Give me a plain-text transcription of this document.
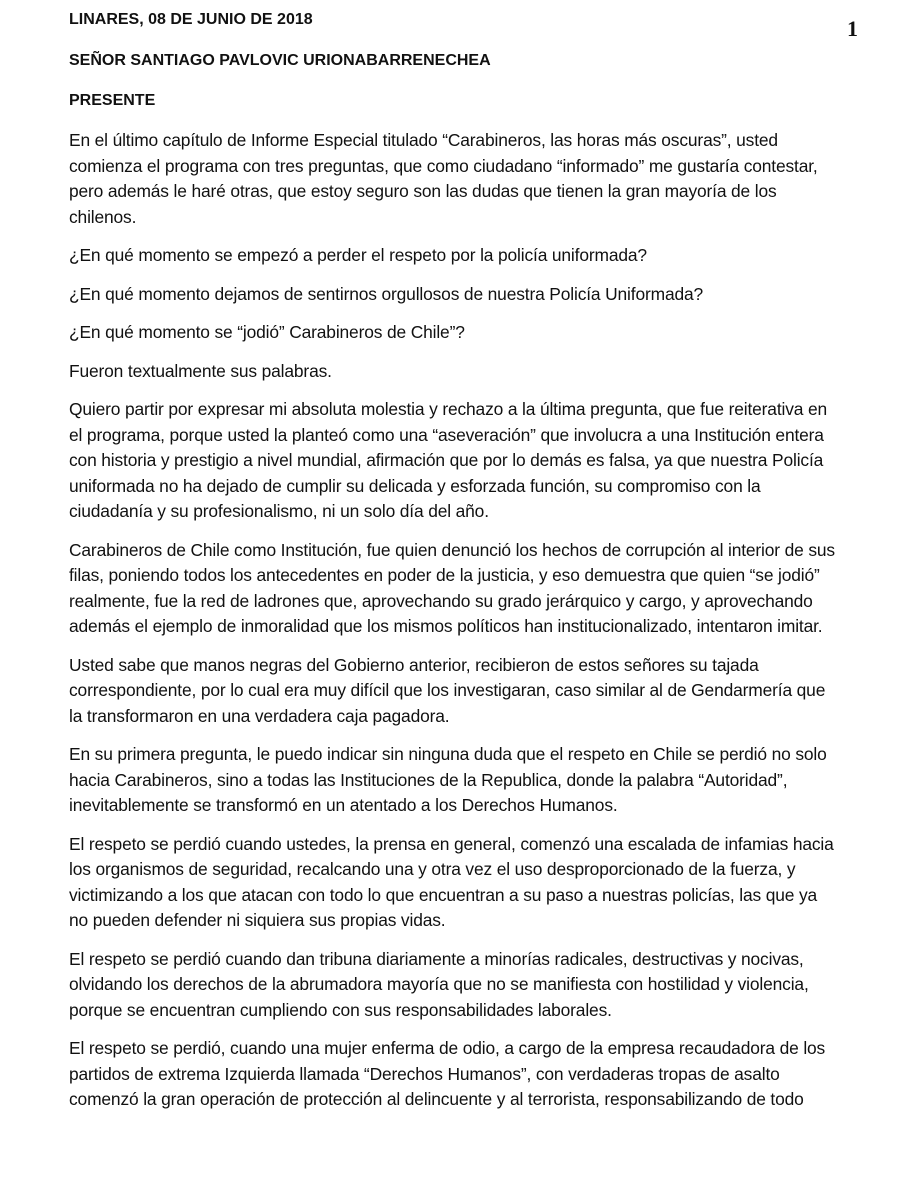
1

LINARES, 08 DE JUNIO DE 2018

SEÑOR SANTIAGO PAVLOVIC URIONABARRENECHEA

PRESENTE

En el último capítulo de Informe Especial titulado “Carabineros, las horas más oscuras”, usted comienza el programa con tres preguntas, que como ciudadano “informado” me gustaría contestar, pero además le haré otras, que estoy seguro son las dudas que tienen la gran mayoría de los chilenos.

¿En qué momento se empezó a perder el respeto por la policía uniformada?

¿En qué momento dejamos de sentirnos orgullosos de nuestra Policía Uniformada?

¿En qué momento se “jodió” Carabineros de Chile”?

Fueron textualmente sus palabras.

Quiero partir por expresar mi absoluta molestia y rechazo a la última pregunta, que fue reiterativa en el programa, porque usted la planteó como una “aseveración” que involucra a una Institución entera con historia y prestigio a nivel mundial, afirmación que por lo demás es falsa, ya que nuestra Policía uniformada no ha dejado de cumplir su delicada y esforzada función, su compromiso con la ciudadanía y su profesionalismo, ni un solo día del año.

Carabineros de Chile como Institución, fue quien denunció los hechos de corrupción al interior de sus filas, poniendo todos los antecedentes en poder de la justicia, y eso demuestra que quien “se jodió” realmente, fue la red de ladrones que, aprovechando su grado jerárquico y cargo, y aprovechando además el ejemplo de inmoralidad que los mismos políticos han institucionalizado, intentaron imitar.

Usted sabe que manos negras del Gobierno anterior, recibieron de estos señores su tajada correspondiente, por lo cual era muy difícil que los investigaran, caso similar al de Gendarmería que la transformaron en una verdadera caja pagadora.

En su primera pregunta, le puedo indicar sin ninguna duda que el respeto en Chile se perdió no solo hacia Carabineros, sino a todas las Instituciones de la Republica, donde la palabra “Autoridad”, inevitablemente se transformó en un atentado a los Derechos Humanos.

El respeto se perdió cuando ustedes, la prensa en general, comenzó una escalada de infamias hacia los organismos de seguridad, recalcando una y otra vez el uso desproporcionado de la fuerza, y victimizando a los que atacan con todo lo que encuentran a su paso a nuestras policías, las que ya no pueden defender ni siquiera sus propias vidas.

El respeto se perdió cuando dan tribuna diariamente a minorías radicales, destructivas y nocivas, olvidando los derechos de la abrumadora mayoría que no se manifiesta con hostilidad y violencia, porque se encuentran cumpliendo con sus responsabilidades laborales.

El respeto se perdió, cuando una mujer enferma de odio, a cargo de la empresa recaudadora de los partidos de extrema Izquierda llamada “Derechos Humanos”, con verdaderas tropas de asalto comenzó la gran operación de protección al delincuente y al terrorista, responsabilizando de todo
